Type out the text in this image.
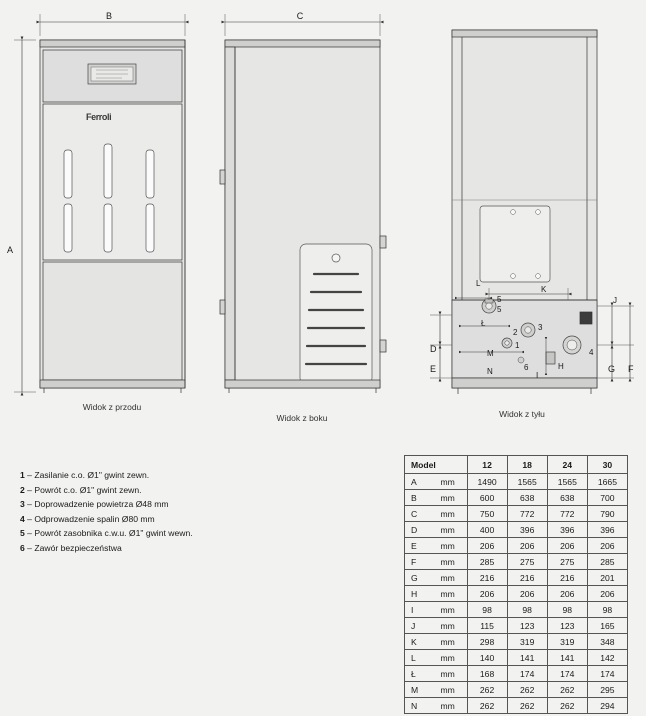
Ferroli
B
A
C
L
K
5	J
Ł
D	M
N
E	H
I
G F
1
2
3
4
5
6
Widok z przodu
Widok z boku	Widok z tyłu
1 – Zasilanie c.o. Ø1" gwint zewn.
2 – Powrót c.o. Ø1" gwint zewn.
3 – Doprowadzenie powietrza Ø48 mm
4 – Odprowadzenie spalin Ø80 mm
5 – Powrót zasobnika c.w.u. Ø1" gwint wewn.
6 – Zawór bezpieczeństwa
Model		12	18	24	30
A	mm	1490	1565	1565	1665
B	mm	600	638	638	700
C	mm	750	772	772	790
D	mm	400	396	396	396
E	mm	206	206	206	206
F	mm	285	275	275	285
G	mm	216	216	216	201
H	mm	206	206	206	206
I	mm	98	98	98	98
J	mm	115	123	123	165
K	mm	298	319	319	348
L	mm	140	141	141	142
Ł	mm	168	174	174	174
M	mm	262	262	262	295
N	mm	262	262	262	294
